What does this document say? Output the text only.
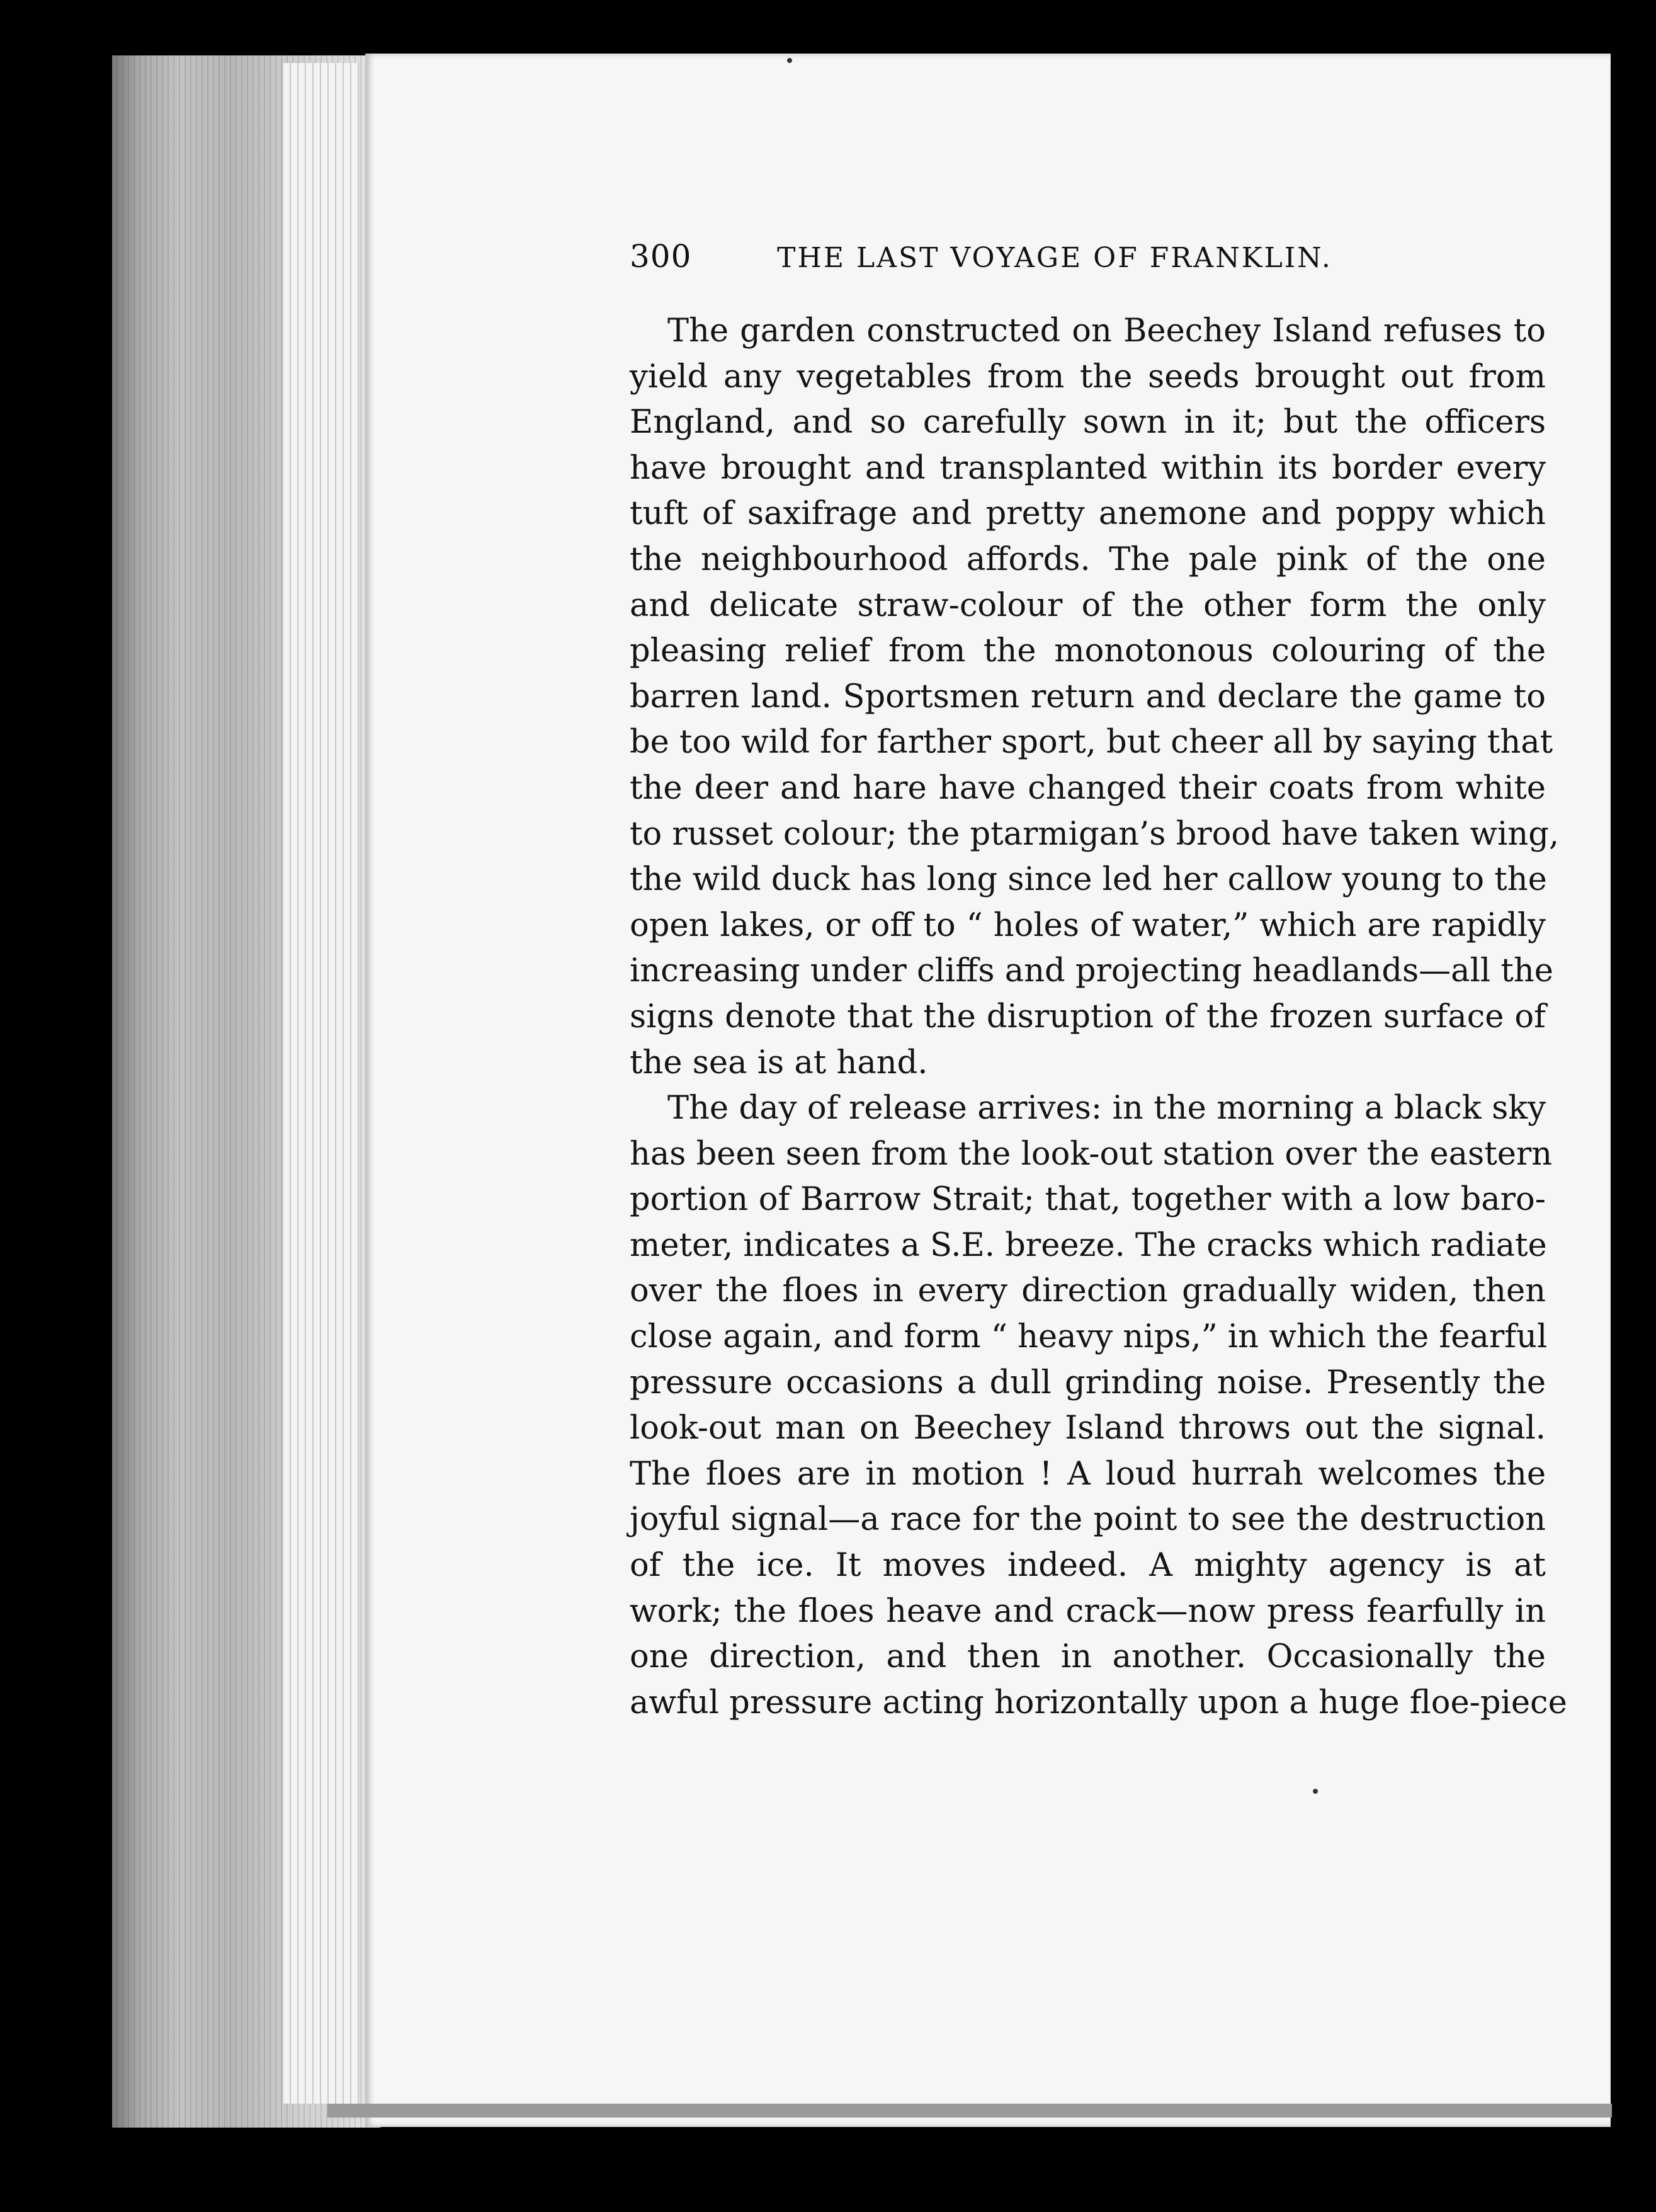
300	THE LAST VOYAGE OF FRANKLIN.
The garden constructed on Beechey Island refuses to
yield any vegetables from the seeds brought out from
England, and so carefully sown in it; but the officers
have brought and transplanted within its border every
tuft of saxifrage and pretty anemone and poppy which
the neighbourhood affords. The pale pink of the one
and delicate straw-colour of the other form the only
pleasing relief from the monotonous colouring of the
barren land. Sportsmen return and declare the game to
be too wild for farther sport, but cheer all by saying that
the deer and hare have changed their coats from white
to russet colour; the ptarmigan’s brood have taken wing,
the wild duck has long since led her callow young to the
open lakes, or off to “ holes of water,” which are rapidly
increasing under cliffs and projecting headlands—all the
signs denote that the disruption of the frozen surface of
the sea is at hand.
The day of release arrives: in the morning a black sky
has been seen from the look-out station over the eastern
portion of Barrow Strait; that, together with a low baro-
meter, indicates a S.E. breeze. The cracks which radiate
over the floes in every direction gradually widen, then
close again, and form “ heavy nips,” in which the fearful
pressure occasions a dull grinding noise. Presently the
look-out man on Beechey Island throws out the signal.
The floes are in motion ! A loud hurrah welcomes the
joyful signal—a race for the point to see the destruction
of the ice. It moves indeed. A mighty agency is at
work; the floes heave and crack—now press fearfully in
one direction, and then in another. Occasionally the
awful pressure acting horizontally upon a huge floe-piece
